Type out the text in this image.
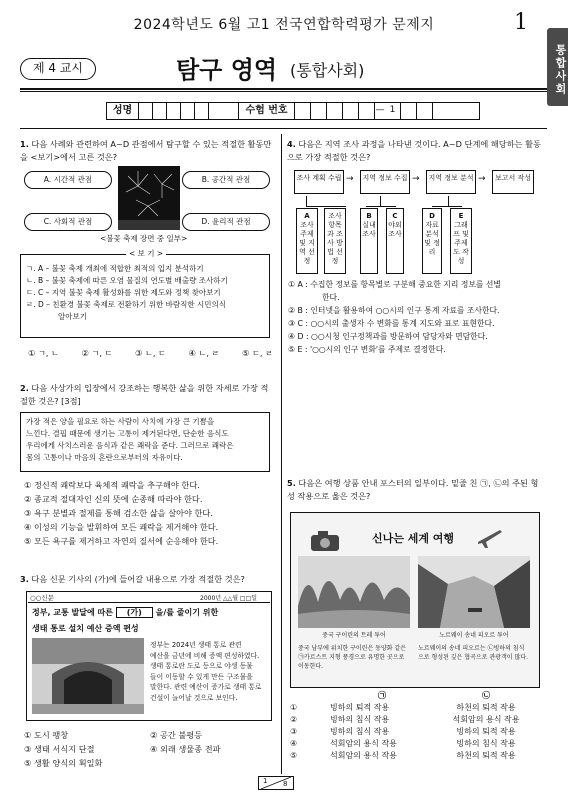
2024학년도 6월 고1 전국연합학력평가 문제지	1
통합사회
제 4 교시	탐구 영역 (통합사회)
성명	수험 번호	— 1
1. 다음 사례와 관련하여 A~D 관점에서 탐구할 수 있는 적절한 활동만을 <보기>에서 고른 것은?
A. 시간적 관점	B. 공간적 관점
C. 사회적 관점	D. 윤리적 관점
<불꽃 축제 장면 중 일부>
< 보 기 >
ㄱ. A – 불꽃 축제 개최에 적합한 최적의 입지 분석하기
ㄴ. B – 불꽃 축제에 따른 오염 물질의 연도별 배출량 조사하기
ㄷ. C – 지역 불꽃 축제 활성화를 위한 제도와 정책 찾아보기
ㄹ. D – 친환경 불꽃 축제로 전환하기 위한 바람직한 시민의식
알아보기
① ㄱ, ㄴ	② ㄱ, ㄷ	③ ㄴ, ㄷ	④ ㄴ, ㄹ	⑤ ㄷ, ㄹ
2. 다음 사상가의 입장에서 강조하는 행복한 삶을 위한 자세로 가장 적절한 것은? [3점]
가장 적은 양을 필요로 하는 사람이 사치에 가장 큰 기쁨을
느낀다. 결핍 때문에 생기는 고통이 제거된다면, 단순한 음식도
우리에게 사치스러운 음식과 같은 쾌락을 준다. 그러므로 쾌락은
몸의 고통이나 마음의 혼란으로부터의 자유이다.
① 정신적 쾌락보다 육체적 쾌락을 추구해야 한다.
② 종교적 절대자인 신의 뜻에 순종해 따라야 한다.
③ 욕구 분별과 절제를 통해 검소한 삶을 살아야 한다.
④ 이성의 기능을 발휘하여 모든 쾌락을 제거해야 한다.
⑤ 모든 욕구를 제거하고 자연의 질서에 순응해야 한다.
3. 다음 신문 기사의 (가)에 들어갈 내용으로 가장 적절한 것은?
○○신문	2000년 △△월 □□일
정부, 교통 발달에 따른 (가) 을/를 줄이기 위한
생태 통로 설치 예산 증액 편성
정부는 2024년 생태 통로 관련
예산을 금년에 비해 증액 편성하였다.
생태 통로란 도로 등으로 야생 동물
들이 이동할 수 있게 만든 구조물을
말한다. 관련 예산이 증가로 생태 통로
건설이 늘어날 것으로 보인다.
① 도시 팽창	② 공간 불평등
③ 생태 서식지 단절	④ 외래 생물종 전파
⑤ 생활 양식의 획일화
4. 다음은 지역 조사 과정을 나타낸 것이다. A~D 단계에 해당하는 활동으로 가장 적절한 것은?
조사 계획 수립 →	지역 정보 수집 →	지역 정보 분석 →	보고서 작성
A
조사 주제 및 지역 선정
조사 항목과 조사 방법 선정
B
실내 조사
C
야외 조사
D
자료 분석 및 정리
E
그래프 및 주제도 작성
① A : 수집한 정보를 항목별로 구분해 중요한 지리 정보를 선별
한다.
② B : 인터넷을 활용하여 ○○시의 인구 통계 자료를 조사한다.
③ C : ○○시의 출생자 수 변화를 통계 지도와 표로 표현한다.
④ D : ○○시청 인구정책과를 방문하여 담당자와 면담한다.
⑤ E : '○○시의 인구 변화'를 주제로 결정한다.
5. 다음은 여행 상품 안내 포스터의 일부이다. 밑줄 친 ㉠, ㉡의 주된 형성 작용으로 옳은 것은?
신나는 세계 여행
중국 구이린의 트레 투어	노르웨이 송네 피오르 투어
중국 남부에 위치한 구이린은 동양화 같은 ㉠카르스트 지형 풍경으로 유명한 곳으로 이동한다.
노르웨이의 송네 피오르는 ㉡빙하의 침식으로 형성된 깊은 협곡으로 관광객이 많다.
㉠	㉡
①	빙하의 퇴적 작용	하천의 퇴적 작용
②	빙하의 침식 작용	석회암의 용식 작용
③	빙하의 침식 작용	빙하의 퇴적 작용
④	석회암의 용식 작용	빙하의 침식 작용
⑤	석회암의 용식 작용	하천의 퇴적 작용
1 8
